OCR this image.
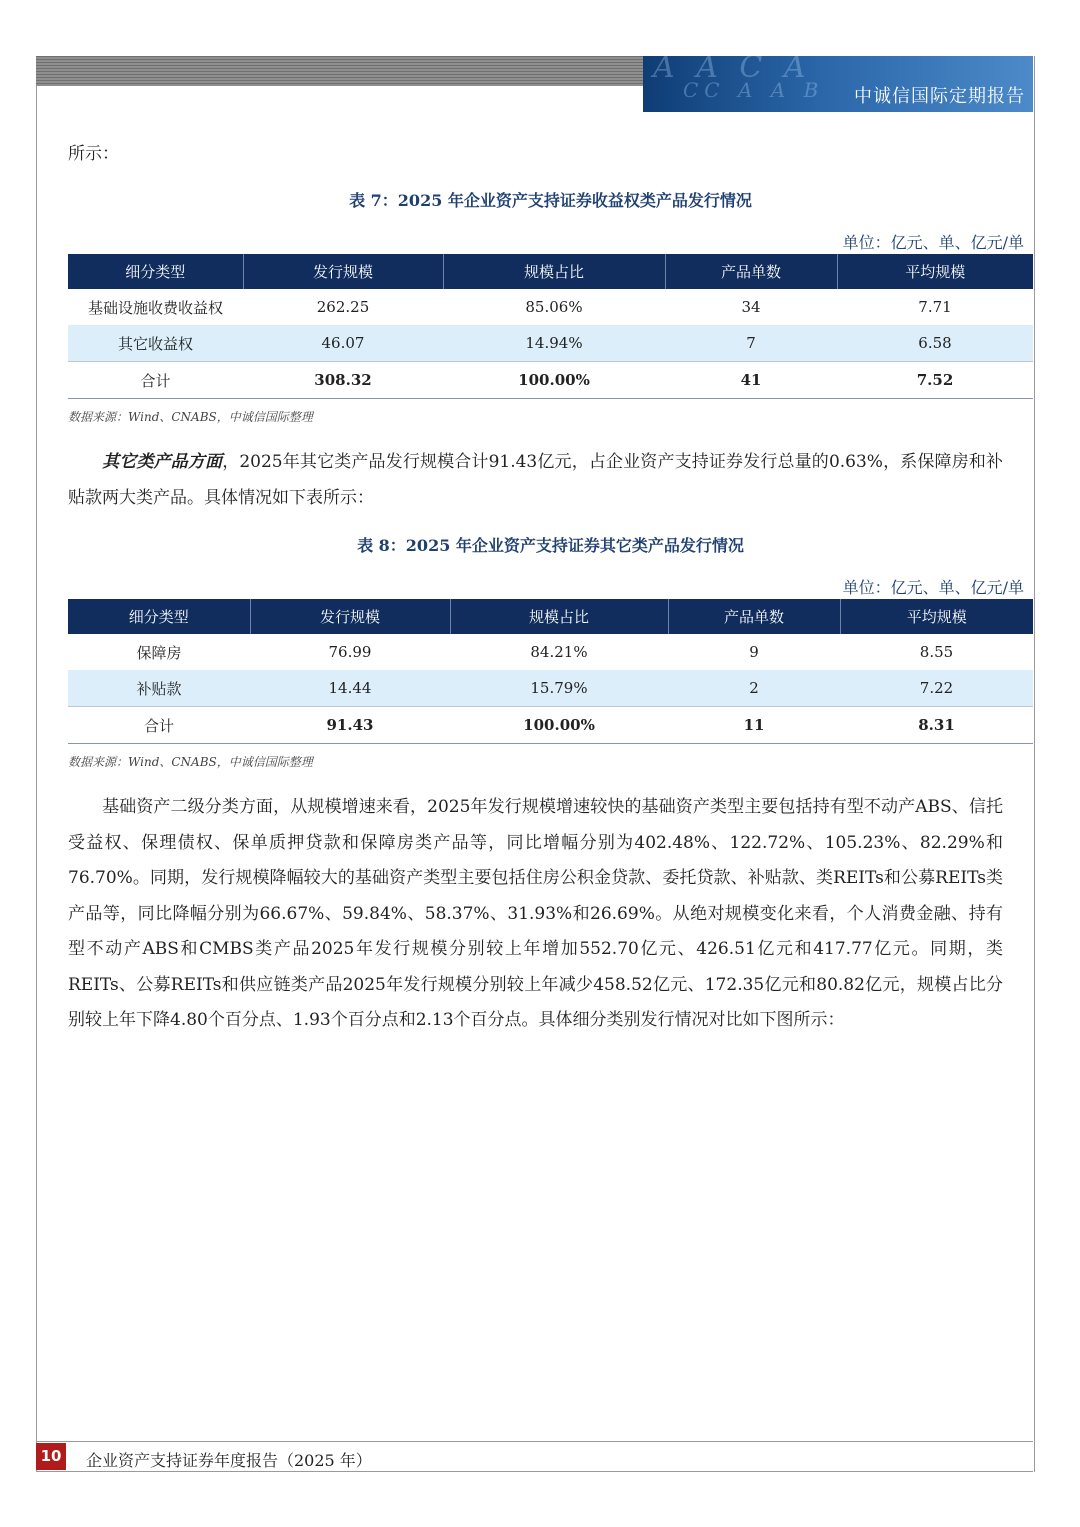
A A C A
CC A A B 中诚信国际定期报告
所示：
表 7：2025 年企业资产支持证券收益权类产品发行情况
单位：亿元、单、亿元/单
细分类型	发行规模	规模占比	产品单数	平均规模
基础设施收费收益权	262.25	85.06%	34	7.71
其它收益权	46.07	14.94%	7	6.58
合计	308.32	100.00%	41	7.52
数据来源：Wind、CNABS，中诚信国际整理
  其它类产品方面，2025年其它类产品发行规模合计91.43亿元，占企业资产支持证券发行总量的0.63%，系保障房和补贴款两大类产品。具体情况如下表所示：
表 8：2025 年企业资产支持证券其它类产品发行情况
单位：亿元、单、亿元/单
细分类型	发行规模	规模占比	产品单数	平均规模
保障房	76.99	84.21%	9	8.55
补贴款	14.44	15.79%	2	7.22
合计	91.43	100.00%	11	8.31
数据来源：Wind、CNABS，中诚信国际整理
  基础资产二级分类方面，从规模增速来看，2025年发行规模增速较快的基础资产类型主要包括持有型不动产ABS、信托受益权、保理债权、保单质押贷款和保障房类产品等，同比增幅分别为402.48%、122.72%、105.23%、82.29%和76.70%。同期，发行规模降幅较大的基础资产类型主要包括住房公积金贷款、委托贷款、补贴款、类REITs和公募REITs类产品等，同比降幅分别为66.67%、59.84%、58.37%、31.93%和26.69%。从绝对规模变化来看，个人消费金融、持有型不动产ABS和CMBS类产品2025年发行规模分别较上年增加552.70亿元、426.51亿元和417.77亿元。同期，类REITs、公募REITs和供应链类产品2025年发行规模分别较上年减少458.52亿元、172.35亿元和80.82亿元，规模占比分别较上年下降4.80个百分点、1.93个百分点和2.13个百分点。具体细分类别发行情况对比如下图所示：
10 企业资产支持证券年度报告（2025 年）
